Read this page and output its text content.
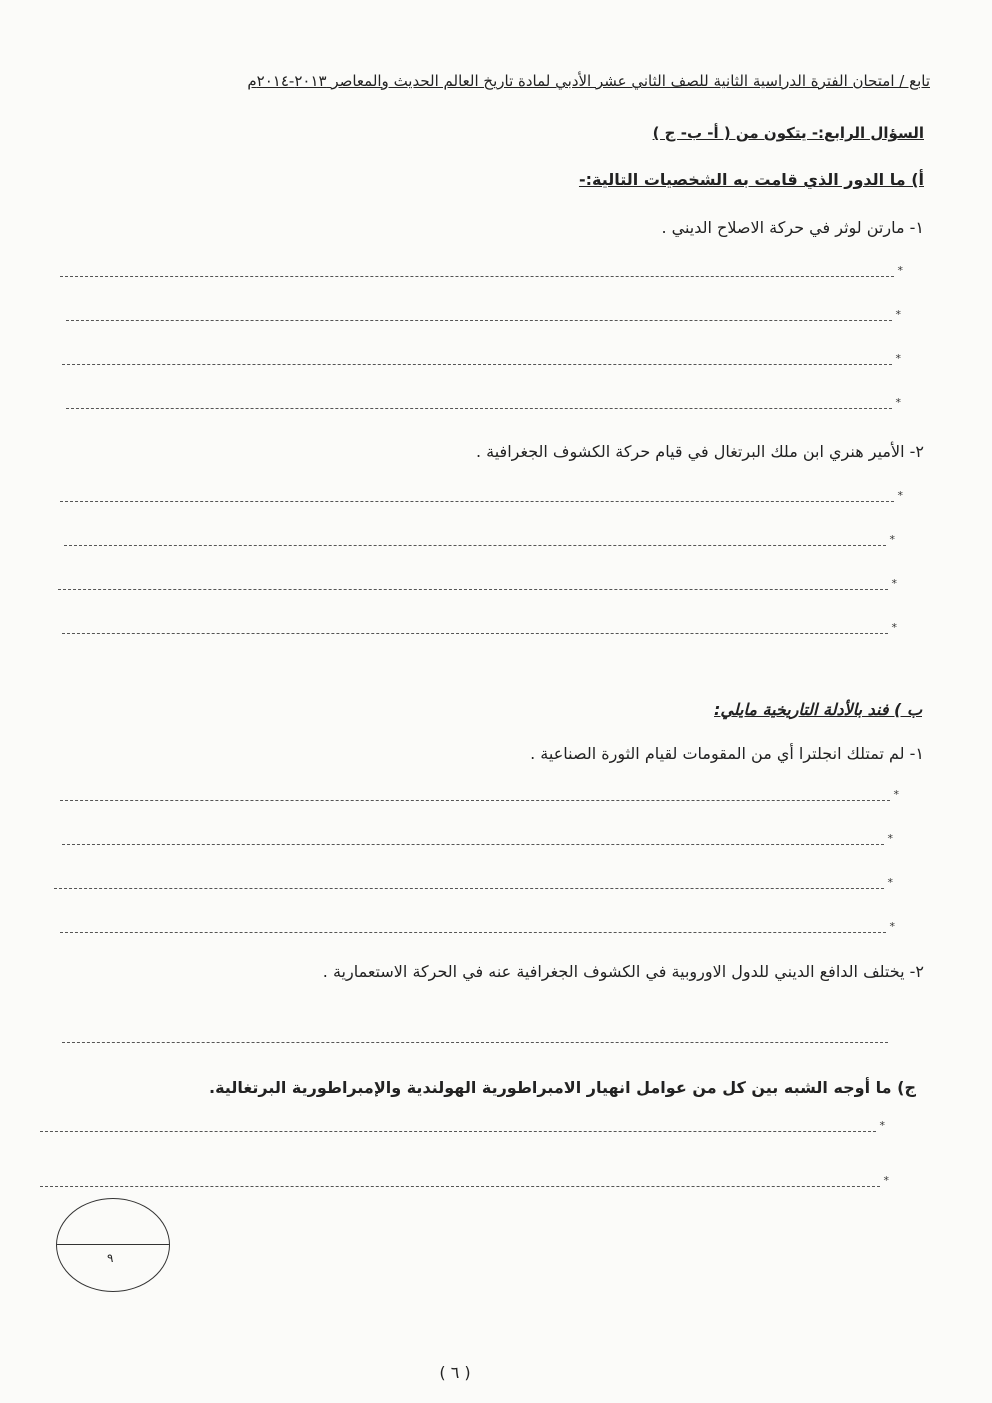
تابع / امتحان الفترة الدراسية الثانية للصف الثاني عشر الأدبي لمادة تاريخ العالم الحديث والمعاصر ٢٠١٣-٢٠١٤م
السؤال الرابع:- يتكون من ( أ- ب- ج )
أ) ما الدور الذي قامت به الشخصيات التالية:-
١- مارتن لوثر في حركة الاصلاح الديني .
*
*
*
*
٢- الأمير هنري ابن ملك البرتغال في قيام حركة الكشوف الجغرافية .
*
*
*
*
ب ) فند بالأدلة التاريخية مايلي:
١- لم تمتلك انجلترا أي من المقومات لقيام الثورة الصناعية .
*
*
*
*
٢- يختلف الدافع الديني للدول الاوروبية في الكشوف الجغرافية عنه في الحركة الاستعمارية .
ج) ما أوجه الشبه بين كل من عوامل انهيار الامبراطورية الهولندية والإمبراطورية البرتغالية.
*
*
٩
( ٦ )
